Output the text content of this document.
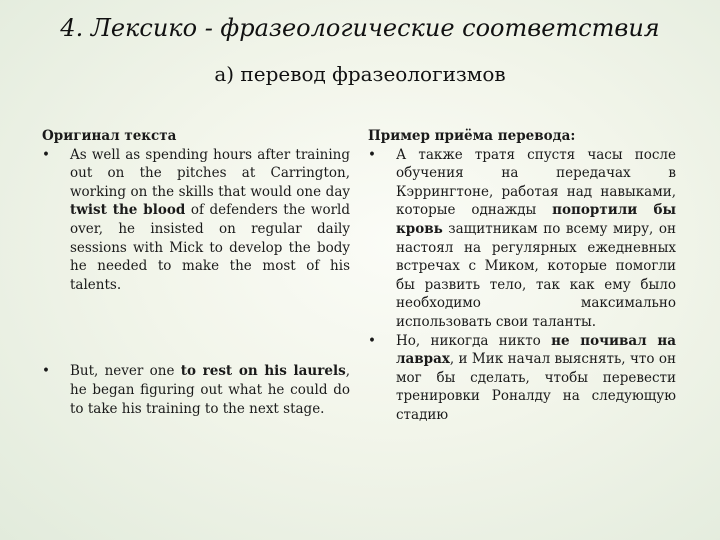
4. Лексико - фразеологические соответствия
а) перевод фразеологизмов
Оригинал текста
• As well as spending hours after training out on the pitches at Carrington, working on the skills that would one day twist the blood of defenders the world over, he insisted on regular daily sessions with Mick to develop the body he needed to make the most of his talents.
• But, never one to rest on his laurels, he began figuring out what he could do to take his training to the next stage.
Пример приёма перевода:
• А также тратя спустя часы после обучения на передачах в Кэррингтоне, работая над навыками, которые однажды попортили бы кровь защитникам по всему миру, он настоял на регулярных ежедневных встречах с Миком, которые помогли бы развить тело, так как ему было необходимо максимально использовать свои таланты.
• Но, никогда никто не почивал на лаврах, и Мик начал выяснять, что он мог бы сделать, чтобы перевести тренировки Роналду на следующую стадию
